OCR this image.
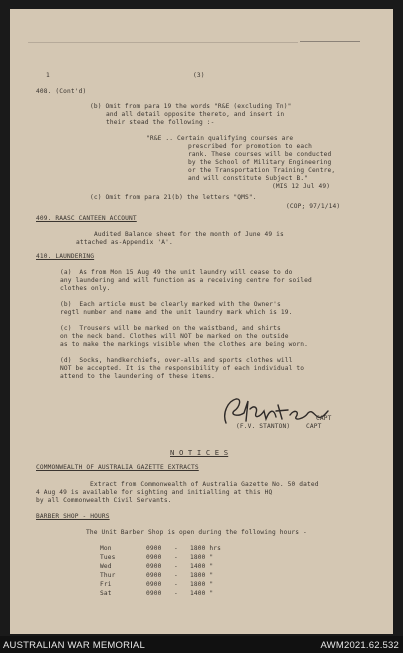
(3)
1
408. (Cont'd)
(b) Omit from para 19 the words "R&E (excluding Tn)"
and all detail opposite thereto, and insert in
their stead the following :-
"R&E .. Certain qualifying courses are
prescribed for promotion to each
rank. These courses will be conducted
by the School of Military Engineering
or the Transportation Training Centre,
and will constitute Subject B."
(MIS 12 Jul 49)
(c) Omit from para 21(b) the letters "QMS".
(COP; 97/1/14)
409. RAASC CANTEEN ACCOUNT
Audited Balance sheet for the month of June 49 is
attached as-Appendix 'A'.
410. LAUNDERING
(a)  As from Mon 15 Aug 49 the unit laundry will cease to do
any laundering and will function as a receiving centre for soiled
clothes only.
(b)  Each article must be clearly marked with the Owner's
regtl number and name and the unit laundry mark which is 19.
(c)  Trousers will be marked on the waistband, and shirts
on the neck band. Clothes will NOT be marked on the outside
as to make the markings visible when the clothes are being worn.
(d)  Socks, handkerchiefs, over-alls and sports clothes will
NOT be accepted. It is the responsibility of each individual to
attend to the laundering of these items.
CAPT
(F.V. STANTON)	CAPT
N O T I C E S
COMMONWEALTH OF AUSTRALIA GAZETTE EXTRACTS
Extract from Commonwealth of Australia Gazette No. 50 dated
4 Aug 49 is available for sighting and initialling at this HQ
by all Commonwealth Civil Servants.
BARBER SHOP - HOURS
The Unit Barber Shop is open during the following hours -
Mon	0900 - 1800 hrs
Tues	0900 - 1800 "
Wed	0900 - 1400 "
Thur	0900 - 1800 "
Fri	0900 - 1800 "
Sat	0900 - 1400 "
AUSTRALIAN WAR MEMORIAL	AWM2021.62.532
